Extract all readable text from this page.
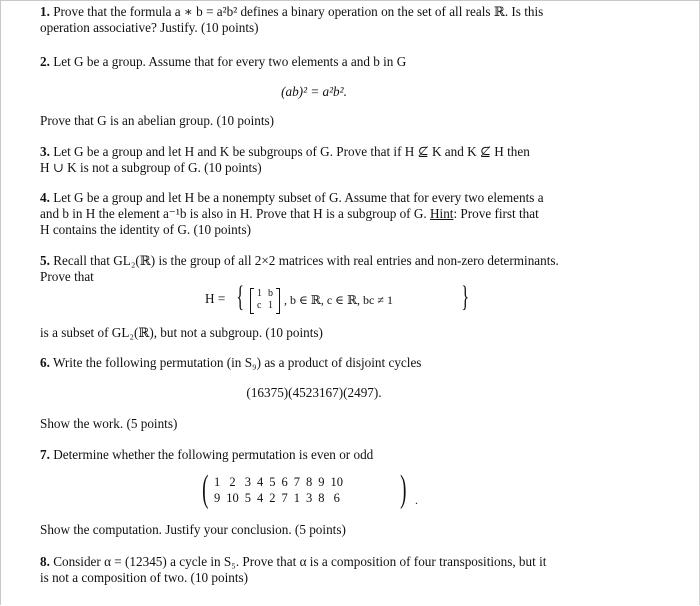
1. Prove that the formula a ∗ b = a²b² defines a binary operation on the set of all reals ℝ. Is this
operation associative? Justify. (10 points)

2. Let G be a group. Assume that for every two elements a and b in G

(ab)² = a²b².

Prove that G is an abelian group. (10 points)

3. Let G be a group and let H and K be subgroups of G. Prove that if H ⊈ K and K ⊈ H then
H ∪ K is not a subgroup of G. (10 points)

4. Let G be a group and let H be a nonempty subset of G. Assume that for every two elements a
and b in H the element a⁻¹b is also in H. Prove that H is a subgroup of G. Hint: Prove first that
H contains the identity of G. (10 points)

5. Recall that GL₂(ℝ) is the group of all 2×2 matrices with real entries and non-zero determinants.
Prove that

H = { 1 b
c 1 , b ∈ ℝ, c ∈ ℝ, bc ≠ 1 }

is a subset of GL₂(ℝ), but not a subgroup. (10 points)

6. Write the following permutation (in S₉) as a product of disjoint cycles

(16375)(4523167)(2497).

Show the work. (5 points)

7. Determine whether the following permutation is even or odd

( 1	2	3	4	5	6	7	8	9	10
9	10	5	4	2	7	1	3	8	6 ) .

Show the computation. Justify your conclusion. (5 points)

8. Consider α = (12345) a cycle in S₅. Prove that α is a composition of four transpositions, but it
is not a composition of two. (10 points)
